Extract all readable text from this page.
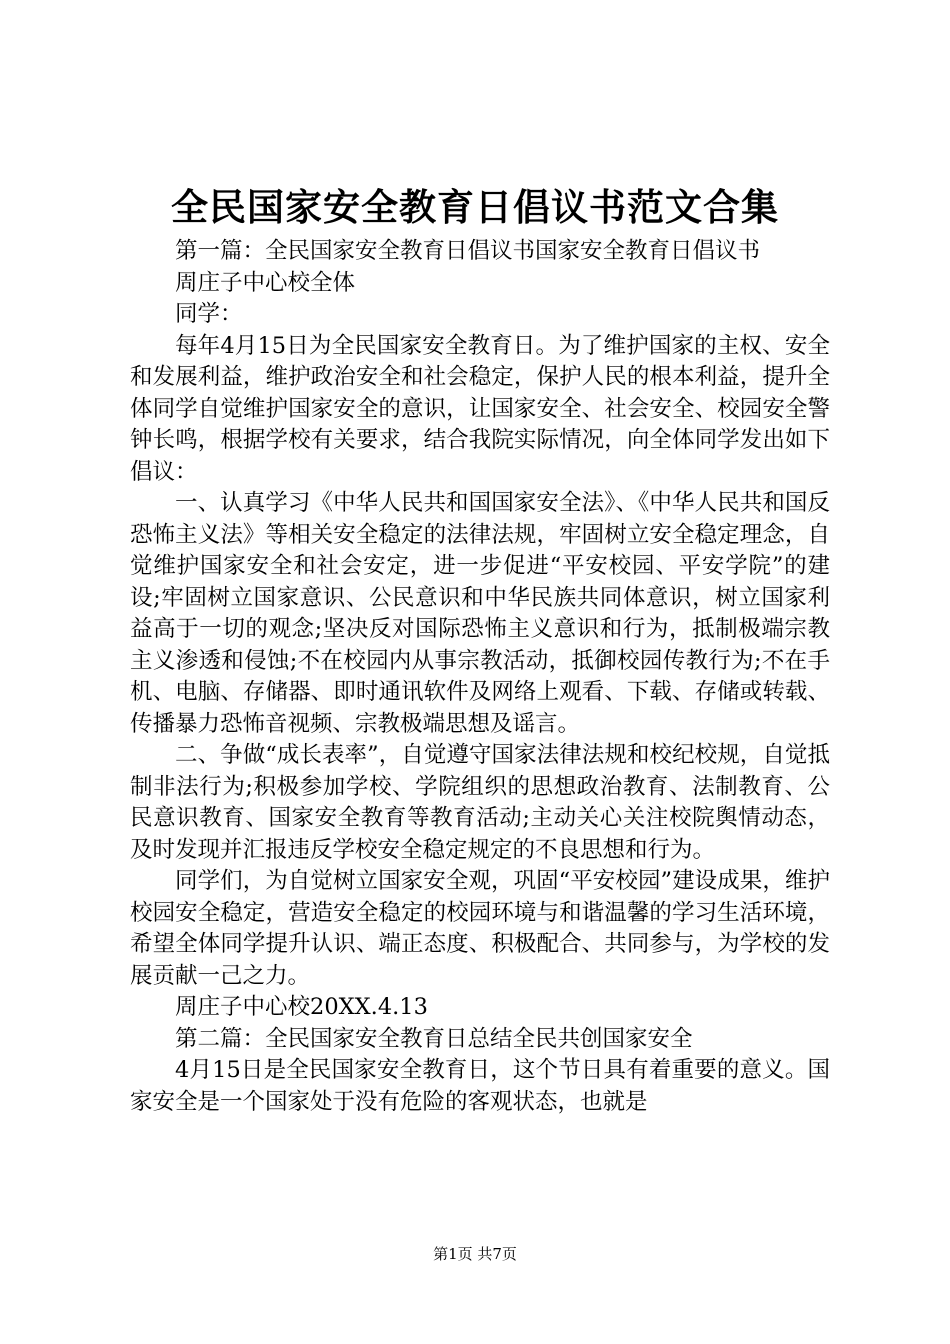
全民国家安全教育日倡议书范文合集

第一篇：全民国家安全教育日倡议书国家安全教育日倡议书

周庄子中心校全体

同学：

每年4月15日为全民国家安全教育日。为了维护国家的主权、安全和发展利益，维护政治安全和社会稳定，保护人民的根本利益，提升全体同学自觉维护国家安全的意识，让国家安全、社会安全、校园安全警钟长鸣，根据学校有关要求，结合我院实际情况，向全体同学发出如下倡议：

一、认真学习《中华人民共和国国家安全法》、《中华人民共和国反恐怖主义法》等相关安全稳定的法律法规，牢固树立安全稳定理念，自觉维护国家安全和社会安定，进一步促进“平安校园、平安学院”的建设;牢固树立国家意识、公民意识和中华民族共同体意识，树立国家利益高于一切的观念;坚决反对国际恐怖主义意识和行为，抵制极端宗教主义渗透和侵蚀;不在校园内从事宗教活动，抵御校园传教行为;不在手机、电脑、存储器、即时通讯软件及网络上观看、下载、存储或转载、传播暴力恐怖音视频、宗教极端思想及谣言。

二、争做“成长表率”，自觉遵守国家法律法规和校纪校规，自觉抵制非法行为;积极参加学校、学院组织的思想政治教育、法制教育、公民意识教育、国家安全教育等教育活动;主动关心关注校院舆情动态，及时发现并汇报违反学校安全稳定规定的不良思想和行为。

同学们，为自觉树立国家安全观，巩固“平安校园”建设成果，维护校园安全稳定，营造安全稳定的校园环境与和谐温馨的学习生活环境，希望全体同学提升认识、端正态度、积极配合、共同参与，为学校的发展贡献一己之力。

周庄子中心校20XX.4.13

第二篇：全民国家安全教育日总结全民共创国家安全

4月15日是全民国家安全教育日，这个节日具有着重要的意义。国家安全是一个国家处于没有危险的客观状态，也就是

第1页 共7页
